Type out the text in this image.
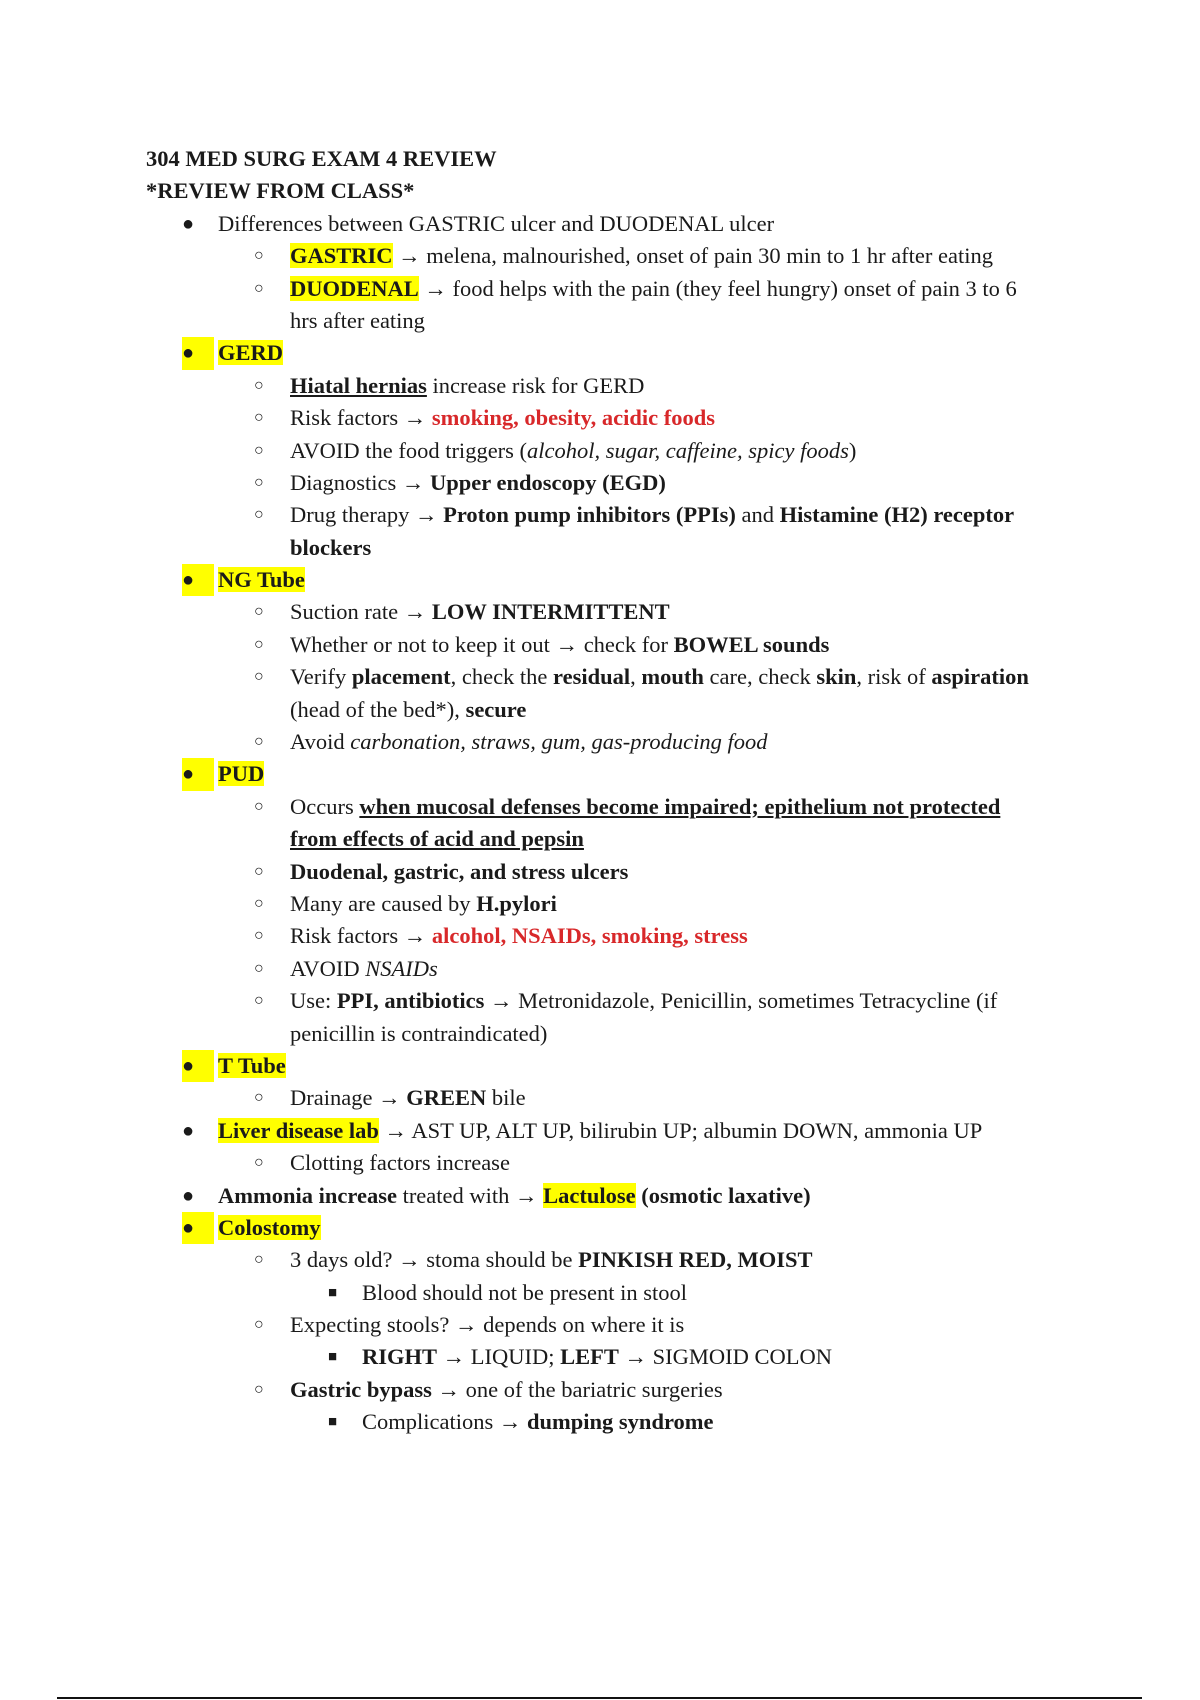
304 MED SURG EXAM 4 REVIEW
*REVIEW FROM CLASS*
● Differences between GASTRIC ulcer and DUODENAL ulcer
○ GASTRIC → melena, malnourished, onset of pain 30 min to 1 hr after eating
○ DUODENAL → food helps with the pain (they feel hungry) onset of pain 3 to 6
hrs after eating
●	GERD
○ Hiatal hernias increase risk for GERD
○ Risk factors → smoking, obesity, acidic foods
○ AVOID the food triggers (alcohol, sugar, caffeine, spicy foods)
○ Diagnostics → Upper endoscopy (EGD)
○ Drug therapy → Proton pump inhibitors (PPIs) and Histamine (H2) receptor
blockers
●	NG Tube
○ Suction rate → LOW INTERMITTENT
○ Whether or not to keep it out → check for BOWEL sounds
○ Verify placement, check the residual, mouth care, check skin, risk of aspiration
(head of the bed*), secure
○ Avoid carbonation, straws, gum, gas-producing food
●	PUD
○ Occurs when mucosal defenses become impaired; epithelium not protected
from effects of acid and pepsin
○ Duodenal, gastric, and stress ulcers
○ Many are caused by H.pylori
○ Risk factors → alcohol, NSAIDs, smoking, stress
○ AVOID NSAIDs
○ Use: PPI, antibiotics → Metronidazole, Penicillin, sometimes Tetracycline (if
penicillin is contraindicated)
●	T Tube
○ Drainage → GREEN bile
● Liver disease lab → AST UP, ALT UP, bilirubin UP; albumin DOWN, ammonia UP
○ Clotting factors increase
● Ammonia increase treated with → Lactulose (osmotic laxative)
●	Colostomy
○ 3 days old? → stoma should be PINKISH RED, MOIST
■ Blood should not be present in stool
○ Expecting stools? → depends on where it is
■ RIGHT → LIQUID; LEFT → SIGMOID COLON
○ Gastric bypass → one of the bariatric surgeries
■ Complications → dumping syndrome
